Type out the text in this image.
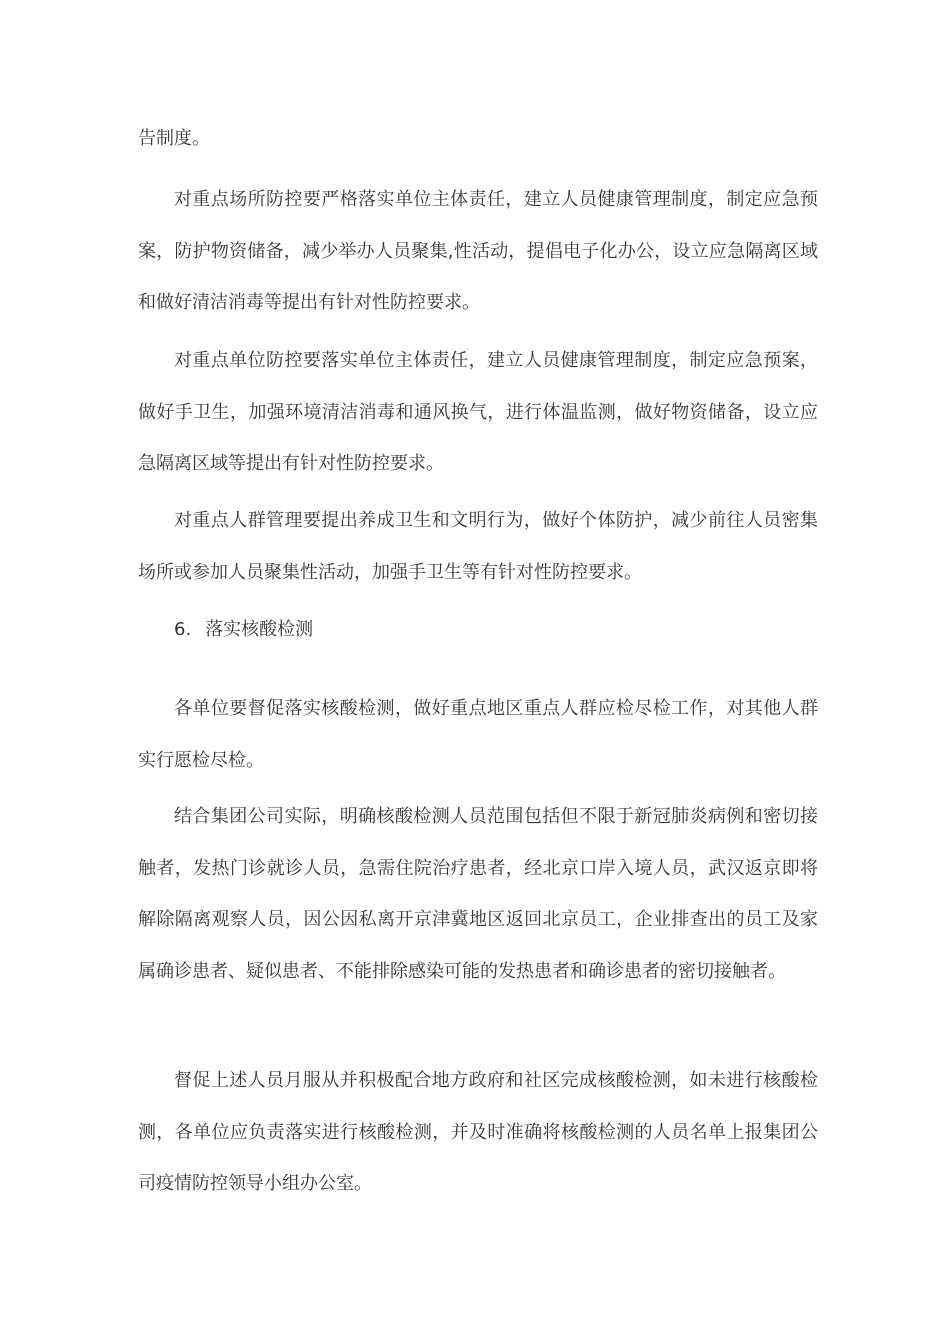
告制度。

对重点场所防控要严格落实单位主体责任，建立人员健康管理制度，制定应急预案，防护物资储备，减少举办人员聚集,性活动，提倡电子化办公，设立应急隔离区域和做好清洁消毒等提出有针对性防控要求。

对重点单位防控要落实单位主体责任，建立人员健康管理制度，制定应急预案，做好手卫生，加强环境清洁消毒和通风换气，进行体温监测，做好物资储备，设立应急隔离区域等提出有针对性防控要求。

对重点人群管理要提出养成卫生和文明行为，做好个体防护，减少前往人员密集场所或参加人员聚集性活动，加强手卫生等有针对性防控要求。

6. 落实核酸检测

各单位要督促落实核酸检测，做好重点地区重点人群应检尽检工作，对其他人群实行愿检尽检。

结合集团公司实际，明确核酸检测人员范围包括但不限于新冠肺炎病例和密切接触者，发热门诊就诊人员，急需住院治疗患者，经北京口岸入境人员，武汉返京即将解除隔离观察人员，因公因私离开京津冀地区返回北京员工，企业排查出的员工及家属确诊患者、疑似患者、不能排除感染可能的发热患者和确诊患者的密切接触者。

督促上述人员月服从并积极配合地方政府和社区完成核酸检测，如未进行核酸检测，各单位应负责落实进行核酸检测，并及时准确将核酸检测的人员名单上报集团公司疫情防控领导小组办公室。
